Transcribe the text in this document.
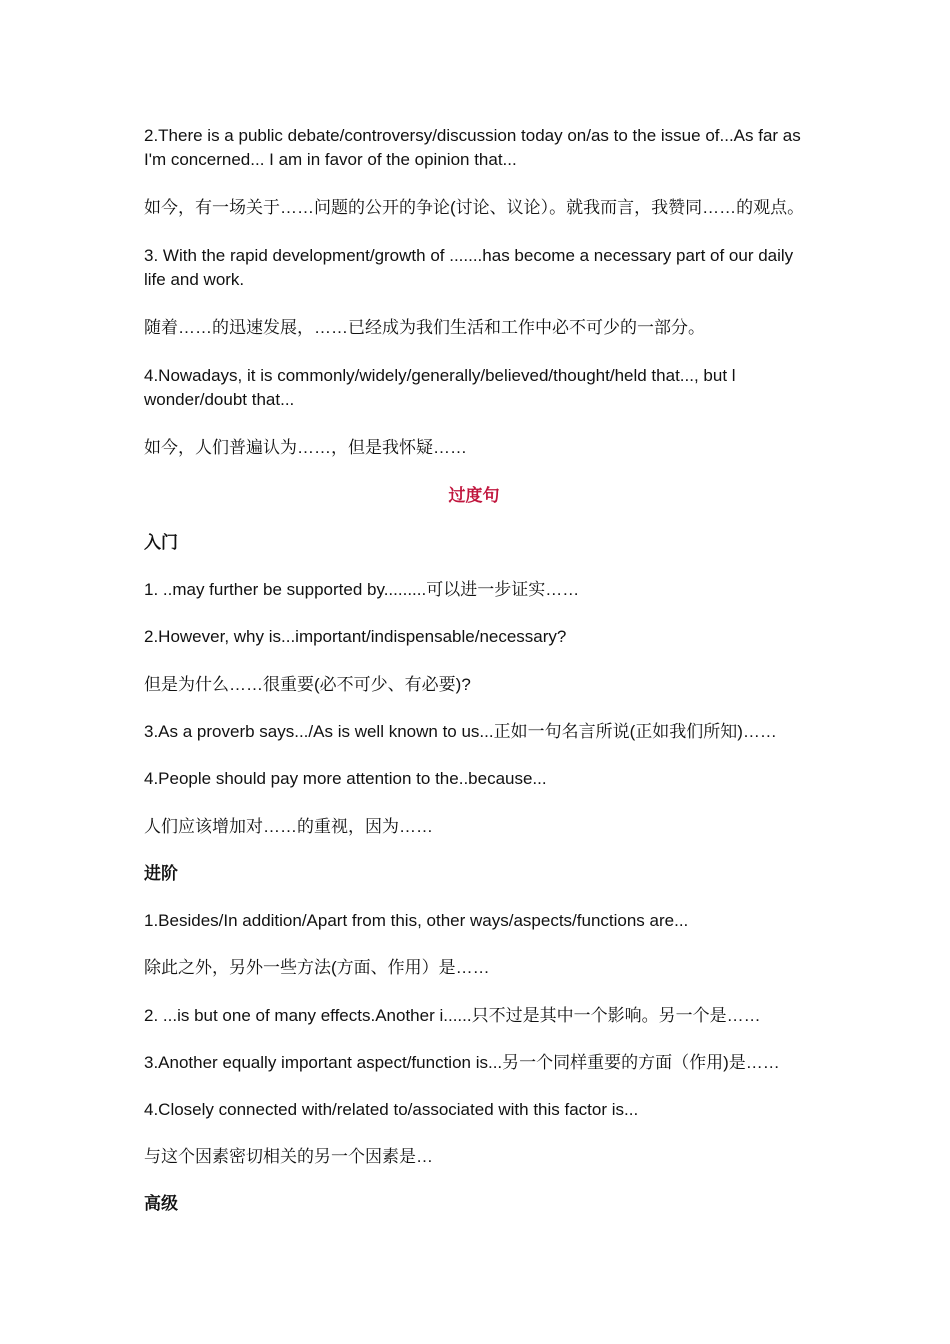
2.There is a public debate/controversy/discussion today on/as to the issue of...As far as I'm concerned... I am in favor of the opinion that...
如今，有一场关于……问题的公开的争论(讨论、议论）。就我而言，我赞同……的观点。
3. With the rapid development/growth of .......has become a necessary part of our daily life and work.
随着……的迅速发展，……已经成为我们生活和工作中必不可少的一部分。
4.Nowadays, it is commonly/widely/generally/believed/thought/held that..., but l wonder/doubt that...
如今，人们普遍认为……，但是我怀疑……
过度句
入门
1. ..may further be supported by.........可以进一步证实……
2.However, why is...important/indispensable/necessary?
但是为什么……很重要(必不可少、有必要)?
3.As a proverb says.../As is well known to us...正如一句名言所说(正如我们所知)……
4.People should pay more attention to the..because...
人们应该增加对……的重视，因为……
进阶
1.Besides/In addition/Apart from this, other ways/aspects/functions are...
除此之外，另外一些方法(方面、作用）是……
2. ...is but one of many effects.Another i......只不过是其中一个影响。另一个是……
3.Another equally important aspect/function is...另一个同样重要的方面（作用)是……
4.Closely connected with/related to/associated with this factor is...
与这个因素密切相关的另一个因素是…
高级
